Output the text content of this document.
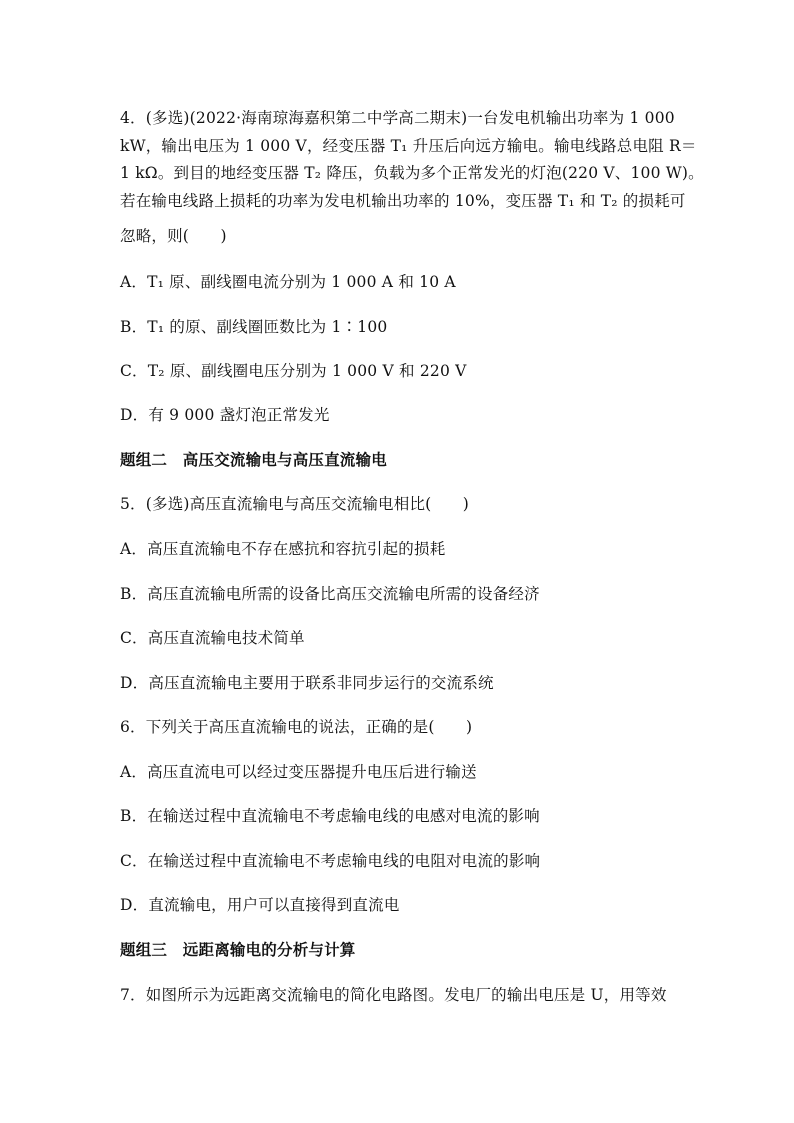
4．(多选)(2022·海南琼海嘉积第二中学高二期末)一台发电机输出功率为 1 000
kW，输出电压为 1 000 V，经变压器 T₁ 升压后向远方输电。输电线路总电阻 R＝
1 kΩ。到目的地经变压器 T₂ 降压，负载为多个正常发光的灯泡(220 V、100 W)。
若在输电线路上损耗的功率为发电机输出功率的 10%，变压器 T₁ 和 T₂ 的损耗可
忽略，则(　　)
A．T₁ 原、副线圈电流分别为 1 000 A 和 10 A
B．T₁ 的原、副线圈匝数比为 1∶100
C．T₂ 原、副线圈电压分别为 1 000 V 和 220 V
D．有 9 000 盏灯泡正常发光
题组二　高压交流输电与高压直流输电
5．(多选)高压直流输电与高压交流输电相比(　　)
A．高压直流输电不存在感抗和容抗引起的损耗
B．高压直流输电所需的设备比高压交流输电所需的设备经济
C．高压直流输电技术简单
D．高压直流输电主要用于联系非同步运行的交流系统
6．下列关于高压直流输电的说法，正确的是(　　)
A．高压直流电可以经过变压器提升电压后进行输送
B．在输送过程中直流输电不考虑输电线的电感对电流的影响
C．在输送过程中直流输电不考虑输电线的电阻对电流的影响
D．直流输电，用户可以直接得到直流电
题组三　远距离输电的分析与计算
7．如图所示为远距离交流输电的简化电路图。发电厂的输出电压是 U，用等效
